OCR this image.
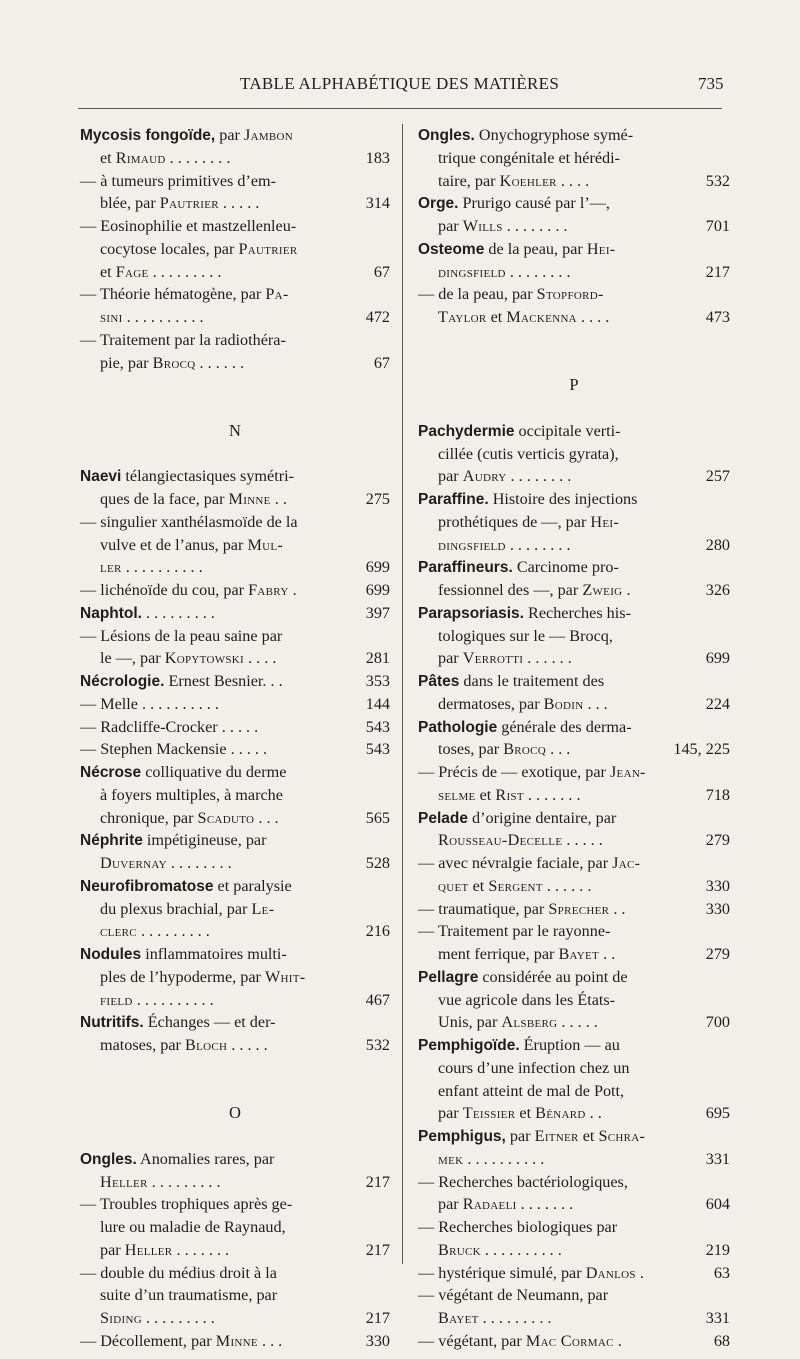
TABLE ALPHABÉTIQUE DES MATIÈRES	735
Mycosis fongoïde, par Jambon
et Rimaud . . . . . . . .	183
— à tumeurs primitives d’em-
blée, par Pautrier . . . . .	314
— Eosinophilie et mastzellenleu-
cocytose locales, par Pautrier
et Fage . . . . . . . . .	67
— Théorie hématogène, par Pa-
sini . . . . . . . . . .	472
— Traitement par la radiothéra-
pie, par Brocq . . . . . .	67
N
Naevi télangiectasiques symétri-
ques de la face, par Minne . .	275
— singulier xanthélasmoïde de la
vulve et de l’anus, par Mul-
ler . . . . . . . . . .	699
— lichénoïde du cou, par Fabry .	699
Naphtol. . . . . . . . . .	397
— Lésions de la peau saine par
le —, par Kopytowski . . . .	281
Nécrologie. Ernest Besnier. . .	353
— Melle . . . . . . . . . .	144
— Radcliffe-Crocker . . . . .	543
— Stephen Mackensie . . . . .	543
Nécrose colliquative du derme
à foyers multiples, à marche
chronique, par Scaduto . . .	565
Néphrite impétigineuse, par
Duvernay . . . . . . . .	528
Neurofibromatose et paralysie
du plexus brachial, par Le-
clerc . . . . . . . . .	216
Nodules inflammatoires multi-
ples de l’hypoderme, par Whit-
field . . . . . . . . . .	467
Nutritifs. Échanges — et der-
matoses, par Bloch . . . . .	532
O
Ongles. Anomalies rares, par
Heller . . . . . . . . .	217
— Troubles trophiques après ge-
lure ou maladie de Raynaud,
par Heller . . . . . . .	217
— double du médius droit à la
suite d’un traumatisme, par
Siding . . . . . . . . .	217
— Décollement, par Minne . . .	330
Ongles. Onychogryphose symé-
trique congénitale et hérédi-
taire, par Koehler . . . .	532
Orge. Prurigo causé par l’—,
par Wills . . . . . . . .	701
Osteome de la peau, par Hei-
dingsfield . . . . . . . .	217
— de la peau, par Stopford-
Taylor et Mackenna . . . .	473
P
Pachydermie occipitale verti-
cillée (cutis verticis gyrata),
par Audry . . . . . . . .	257
Paraffine. Histoire des injections
prothétiques de —, par Hei-
dingsfield . . . . . . . .	280
Paraffineurs. Carcinome pro-
fessionnel des —, par Zweig .	326
Parapsoriasis. Recherches his-
tologiques sur le — Brocq,
par Verrotti . . . . . .	699
Pâtes dans le traitement des
dermatoses, par Bodin . . .	224
Pathologie générale des derma-
toses, par Brocq . . .	145, 225
— Précis de — exotique, par Jean-
selme et Rist . . . . . . .	718
Pelade d’origine dentaire, par
Rousseau-Decelle . . . . .	279
— avec névralgie faciale, par Jac-
quet et Sergent . . . . . .	330
— traumatique, par Sprecher . .	330
— Traitement par le rayonne-
ment ferrique, par Bayet . .	279
Pellagre considérée au point de
vue agricole dans les États-
Unis, par Alsberg . . . . .	700
Pemphigoïde. Éruption — au
cours d’une infection chez un
enfant atteint de mal de Pott,
par Teissier et Bénard . .	695
Pemphigus, par Eitner et Schra-
mek . . . . . . . . . .	331
— Recherches bactériologiques,
par Radaeli . . . . . . .	604
— Recherches biologiques par
Bruck . . . . . . . . . .	219
— hystérique simulé, par Danlos .	63
— végétant de Neumann, par
Bayet . . . . . . . . .	331
— végétant, par Mac Cormac .	68
